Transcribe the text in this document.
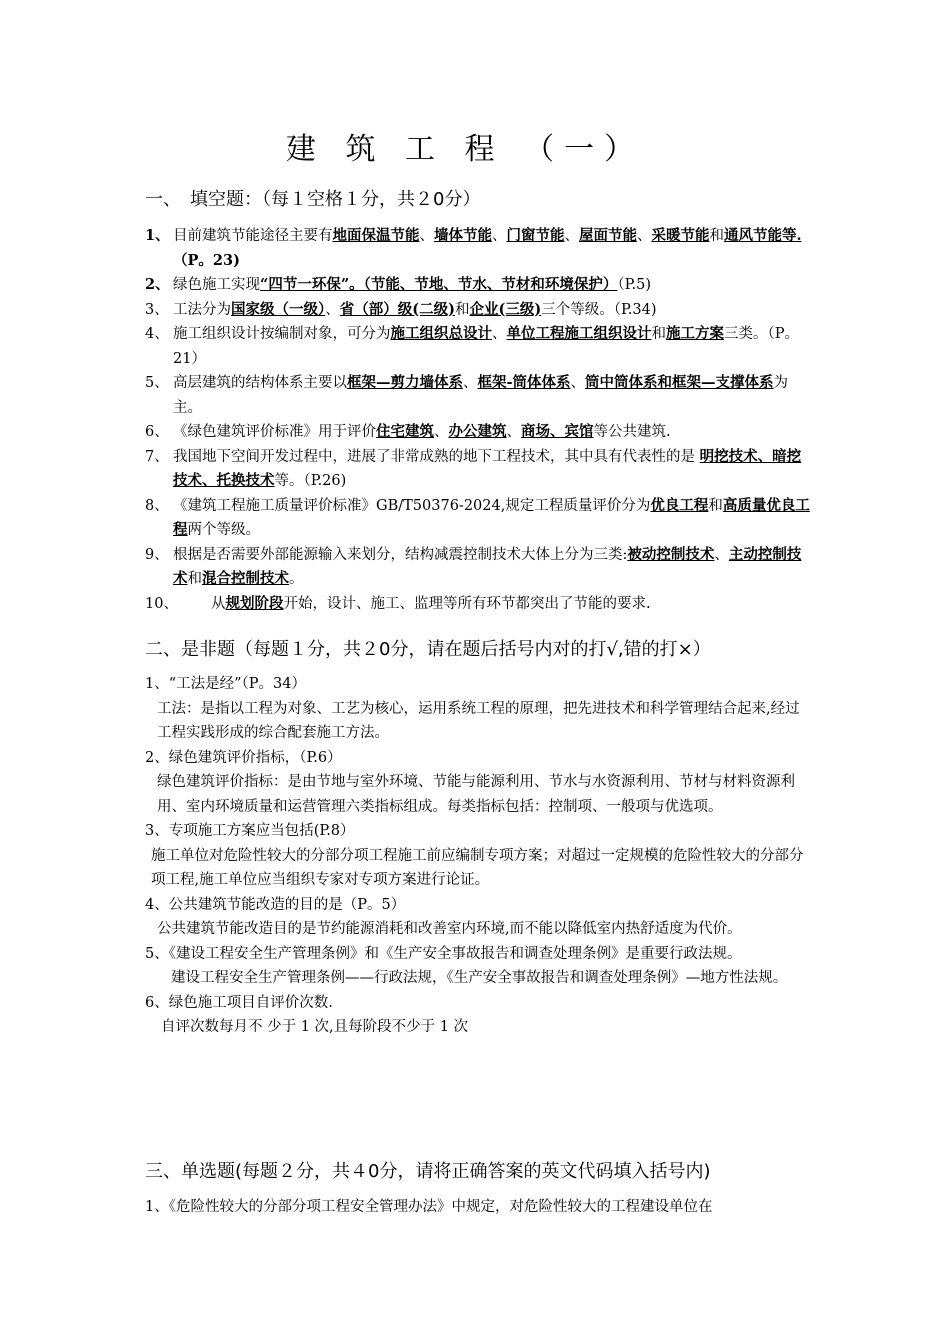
建 筑 工 程 （一）
一、　填空题：（每１空格１分，共２0分）

1、 目前建筑节能途径主要有地面保温节能、墙体节能、门窗节能、屋面节能、采暖节能和通风节能等.（P。23)

2、 绿色施工实现“四节一环保”。（节能、节地、节水、节材和环境保护）（P.5)

3、 工法分为国家级（一级）、省（部）级(二级)和企业(三级)三个等级。（P.34)

4、 施工组织设计按编制对象，可分为施工组织总设计、单位工程施工组织设计和施工方案三类。（P。21）

5、 高层建筑的结构体系主要以框架—剪力墙体系、框架-筒体体系、筒中筒体系和框架—支撑体系为主。

6、 《绿色建筑评价标准》用于评价住宅建筑、办公建筑、商场、宾馆等公共建筑.

7、 我国地下空间开发过程中，进展了非常成熟的地下工程技术，其中具有代表性的是 明挖技术、暗挖技术、托换技术等。（P.26)

8、 《建筑工程施工质量评价标准》GB/T50376-2024,规定工程质量评价分为优良工程和高质量优良工程两个等级。

9、 根据是否需要外部能源输入来划分，结构减震控制技术大体上分为三类:被动控制技术、主动控制技术和混合控制技术。

10、 从规划阶段开始，设计、施工、监理等所有环节都突出了节能的要求.

二、是非题（每题１分，共２0分，请在题后括号内对的打√,错的打×）

1、“工法是经”（P。34）

工法：是指以工程为对象、工艺为核心，运用系统工程的原理，把先进技术和科学管理结合起来,经过工程实践形成的综合配套施工方法。

2、绿色建筑评价指标，（P.6）

绿色建筑评价指标：是由节地与室外环境、节能与能源利用、节水与水资源利用、节材与材料资源利用、室内环境质量和运营管理六类指标组成。每类指标包括：控制项、一般项与优选项。

3、专项施工方案应当包括(P.8）

施工单位对危险性较大的分部分项工程施工前应编制专项方案；对超过一定规模的危险性较大的分部分项工程,施工单位应当组织专家对专项方案进行论证。

4、公共建筑节能改造的目的是（P。5）

公共建筑节能改造目的是节约能源消耗和改善室内环境,而不能以降低室内热舒适度为代价。

5、《建设工程安全生产管理条例》和《生产安全事故报告和调查处理条例》是重要行政法规。

建设工程安全生产管理条例——行政法规，《生产安全事故报告和调查处理条例》—地方性法规。

6、绿色施工项目自评价次数.

自评次数每月不 少于 1 次,且每阶段不少于 1 次

三、单选题(每题２分，共４0分，请将正确答案的英文代码填入括号内)

1、《危险性较大的分部分项工程安全管理办法》中规定，对危险性较大的工程建设单位在
